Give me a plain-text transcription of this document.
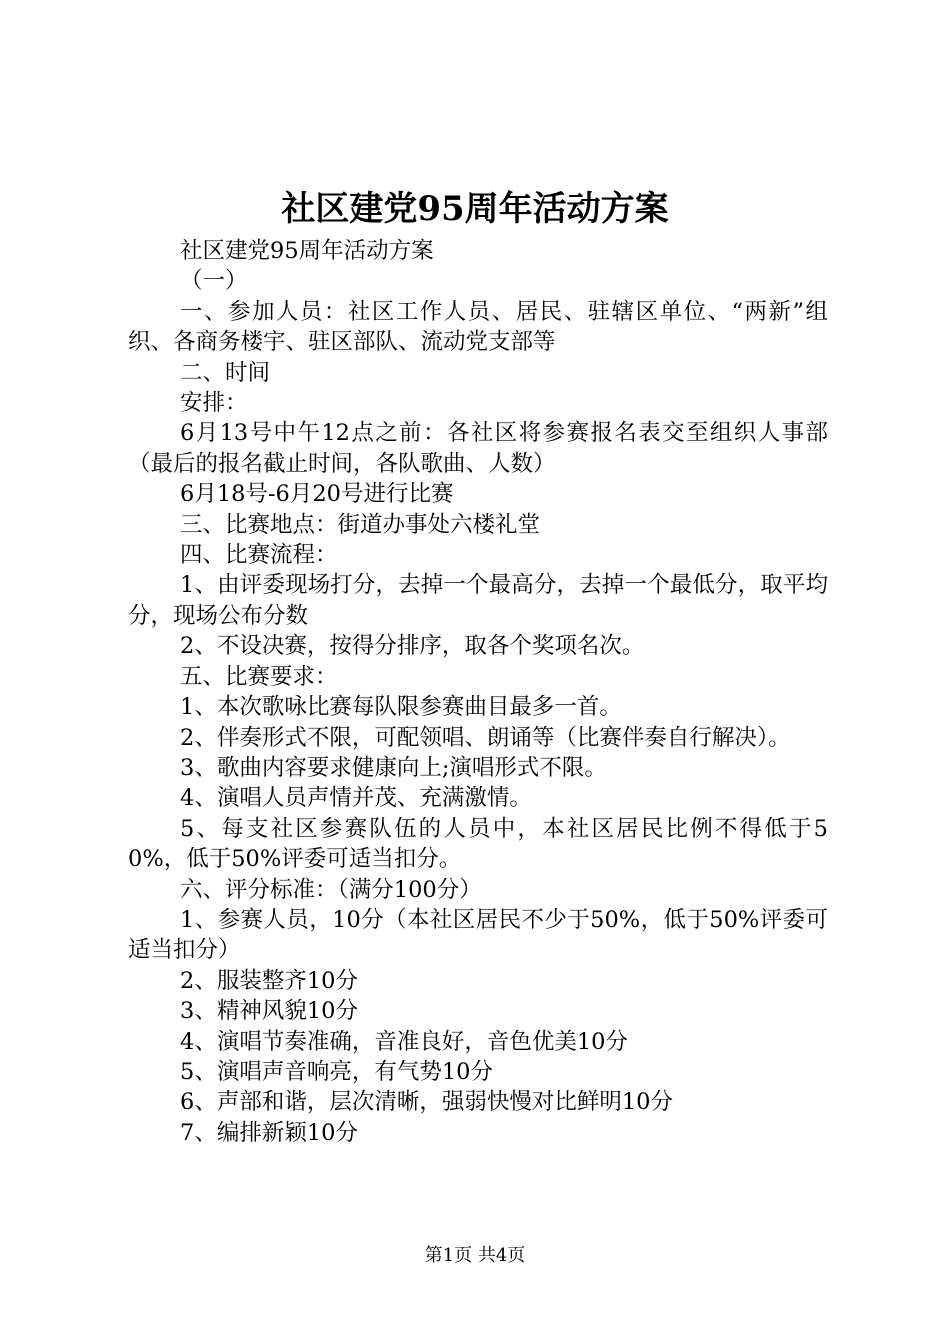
社区建党95周年活动方案

社区建党95周年活动方案

（一）

一、参加人员：社区工作人员、居民、驻辖区单位、“两新”组织、各商务楼宇、驻区部队、流动党支部等

二、时间

安排：

6月13号中午12点之前：各社区将参赛报名表交至组织人事部（最后的报名截止时间，各队歌曲、人数）

6月18号-6月20号进行比赛

三、比赛地点：街道办事处六楼礼堂

四、比赛流程：

1、由评委现场打分，去掉一个最高分，去掉一个最低分，取平均分，现场公布分数

2、不设决赛，按得分排序，取各个奖项名次。

五、比赛要求：

1、本次歌咏比赛每队限参赛曲目最多一首。

2、伴奏形式不限，可配领唱、朗诵等（比赛伴奏自行解决）。

3、歌曲内容要求健康向上;演唱形式不限。

4、演唱人员声情并茂、充满激情。

5、每支社区参赛队伍的人员中，本社区居民比例不得低于50%，低于50%评委可适当扣分。

六、评分标准：（满分100分）

1、参赛人员，10分（本社区居民不少于50%，低于50%评委可适当扣分）

2、服装整齐10分

3、精神风貌10分

4、演唱节奏准确，音准良好，音色优美10分

5、演唱声音响亮，有气势10分

6、声部和谐，层次清晰，强弱快慢对比鲜明10分

7、编排新颖10分

第1页 共4页
